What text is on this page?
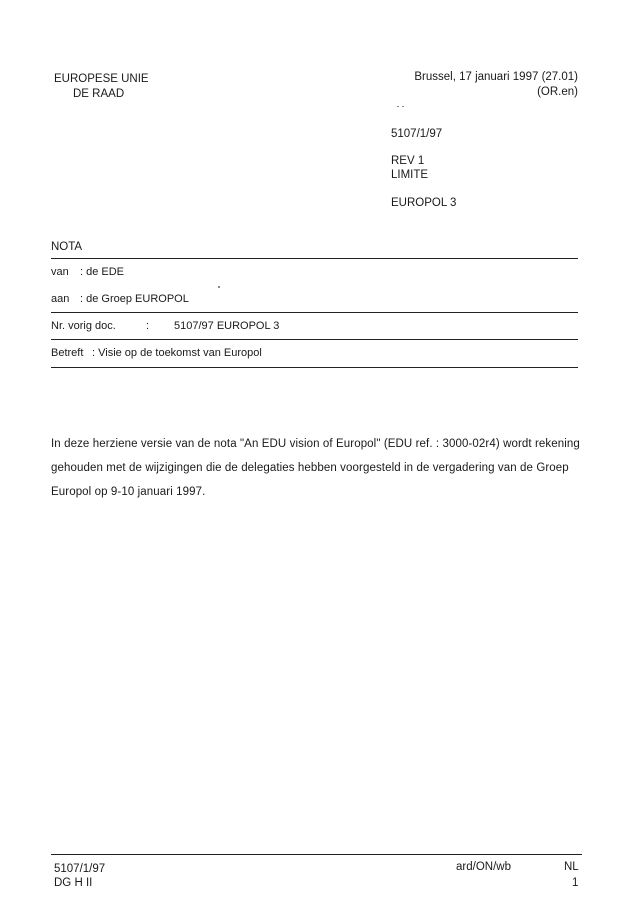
EUROPESE UNIE
DE RAAD
Brussel, 17 januari 1997 (27.01)
(OR.en)
5107/1/97
REV 1
LIMITE
EUROPOL 3
NOTA
van : de EDE
aan : de Groep EUROPOL
Nr. vorig doc.	: 5107/97 EUROPOL 3
Betreft : Visie op de toekomst van Europol
In deze herziene versie van de nota "An EDU vision of Europol" (EDU ref. : 3000-02r4) wordt rekening gehouden met de wijzigingen die de delegaties hebben voorgesteld in de vergadering van de Groep Europol op 9-10 januari 1997.
5107/1/97
DG H II
ard/ON/wb	NL
1
